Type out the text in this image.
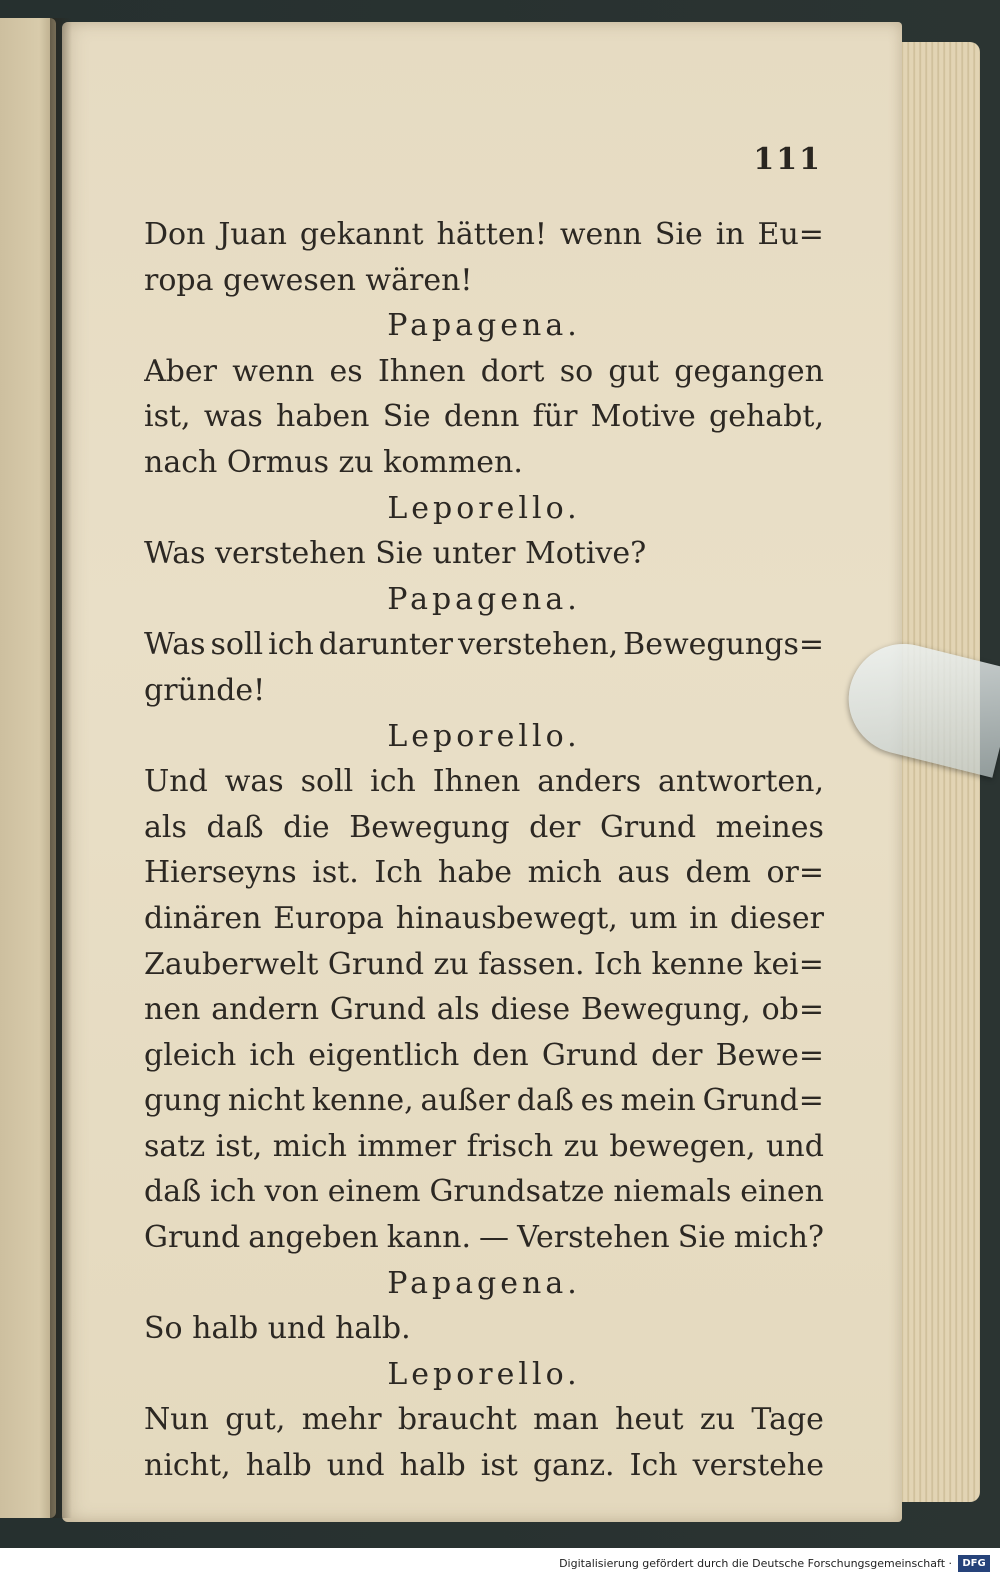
111
Don Juan gekannt hätten! wenn Sie in Eu=
ropa gewesen wären!
Papagena.
Aber wenn es Ihnen dort so gut gegangen
ist, was haben Sie denn für Motive gehabt,
nach Ormus zu kommen.
Leporello.
Was verstehen Sie unter Motive?
Papagena.
Was soll ich darunter verstehen, Bewegungs=
gründe!
Leporello.
Und was soll ich Ihnen anders antworten,
als daß die Bewegung der Grund meines
Hierseyns ist. Ich habe mich aus dem or=
dinären Europa hinausbewegt, um in dieser
Zauberwelt Grund zu fassen. Ich kenne kei=
nen andern Grund als diese Bewegung, ob=
gleich ich eigentlich den Grund der Bewe=
gung nicht kenne, außer daß es mein Grund=
satz ist, mich immer frisch zu bewegen, und
daß ich von einem Grundsatze niemals einen
Grund angeben kann. — Verstehen Sie mich?
Papagena.
So halb und halb.
Leporello.
Nun gut, mehr braucht man heut zu Tage
nicht, halb und halb ist ganz. Ich verstehe
Digitalisierung gefördert durch die Deutsche Forschungsgemeinschaft ·	DFG
